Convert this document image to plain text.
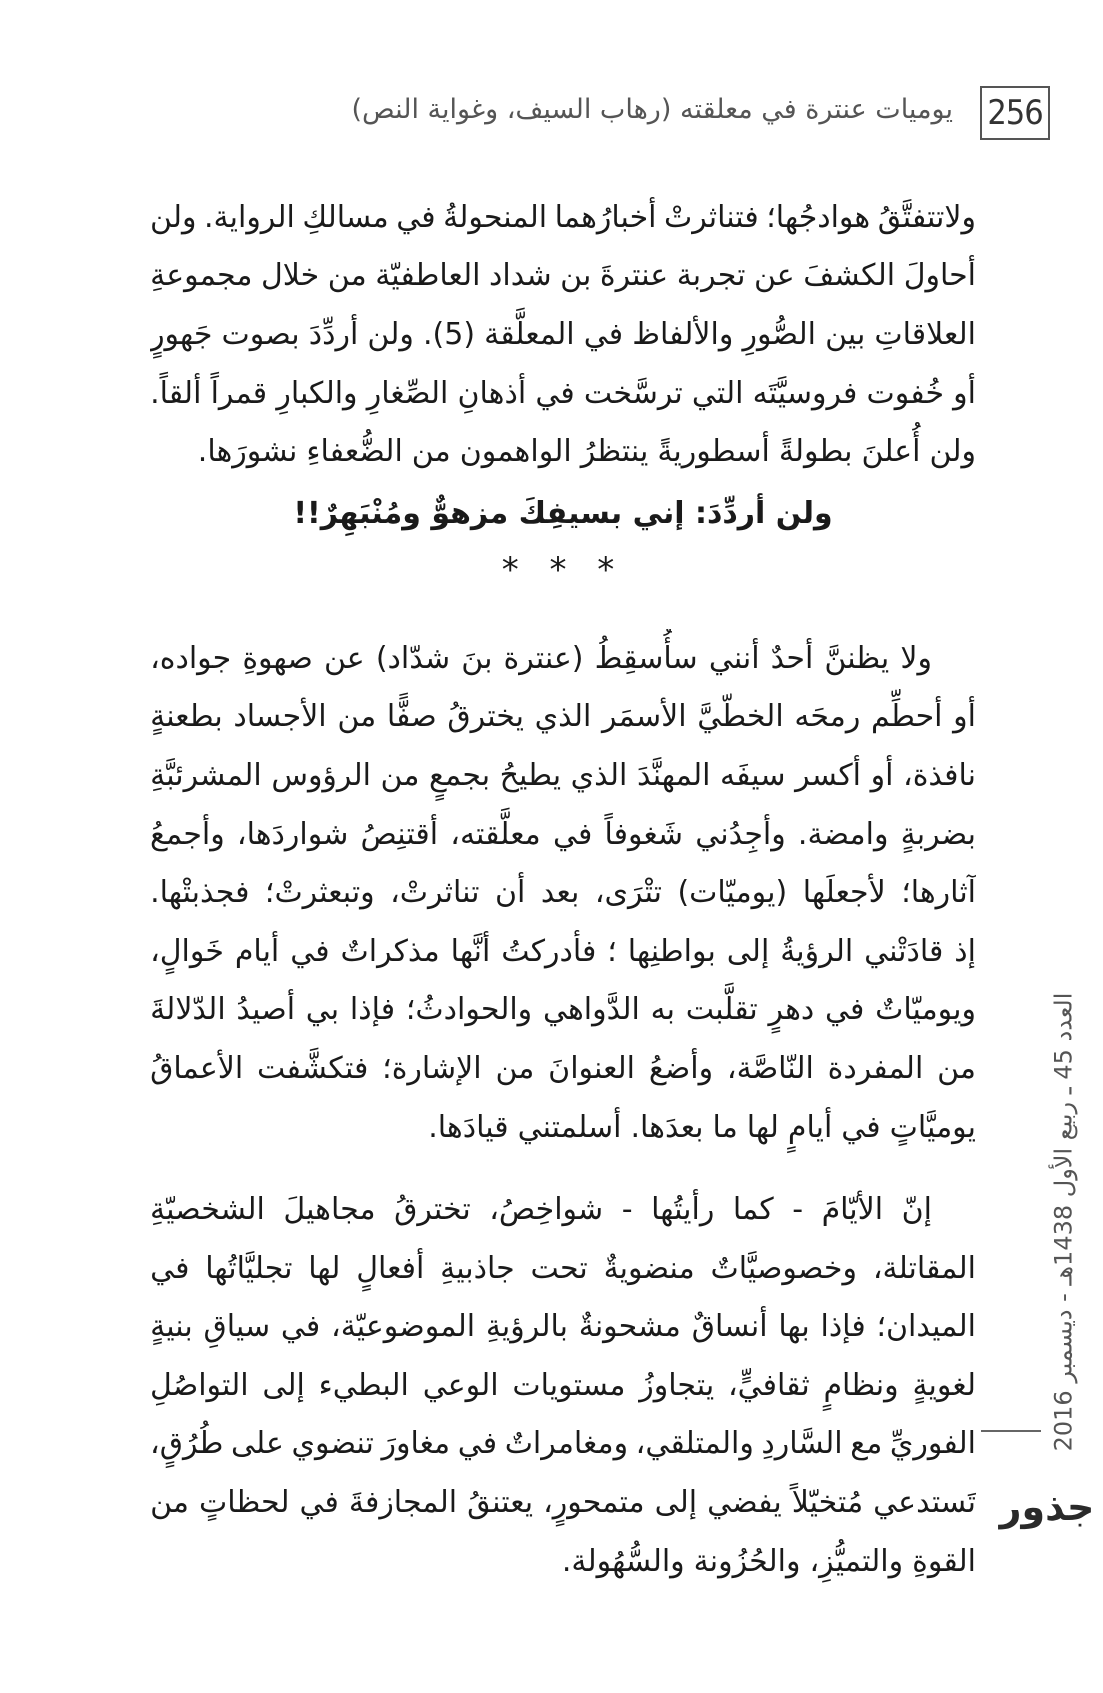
256
يوميات عنترة في معلقته (رهاب السيف، وغواية النص)
ولاتتفتَّقُ
هوادجُها؛
فتناثرتْ
أخبارُهما
المنحولةُ
في
مسالكِ
الرواية.
ولن
أحاولَ
الكشفَ
عن
تجربة
عنترةَ
بن
شداد
العاطفيّة
من
خلال
مجموعةِ
العلاقاتِ
بين
الصُّورِ
والألفاظ
في
المعلَّقة
(5).
ولن
أردِّدَ
بصوت
جَهورٍ
أو
خُفوت
فروسيَّتَه
التي
ترسَّخت
في
أذهانِ
الصِّغارِ
والكبارِ
قمراً
ألقاً.
ولن
أُعلنَ
بطولةً
أسطوريةً
ينتظرُ
الواهمون
من
الضُّعفاءِ
نشورَها.
ولن أردِّدَ: إني بسيفِكَ مزهوٌّ ومُنْبَهِرٌ!!
* * *
ولا
يظننَّ
أحدٌ
أنني
سأُسقِطُ
(عنترة
بنَ
شدّاد)
عن
صهوةِ
جواده،
أو
أحطِّم
رمحَه
الخطّيَّ
الأسمَر
الذي
يخترقُ
صفًّا
من
الأجساد
بطعنةٍ
نافذة،
أو
أكسر
سيفَه
المهنَّدَ
الذي
يطيحُ
بجمعٍ
من
الرؤوس
المشرئبَّةِ
بضربةٍ
وامضة.
وأجِدُني
شَغوفاً
في
معلَّقته،
أقتنِصُ
شواردَها،
وأجمعُ
آثارها؛
لأجعلَها
(يوميّات)
تتْرَى،
بعد
أن
تناثرتْ،
وتبعثرتْ؛
فجذبتْها.
إذ
قادَتْني
الرؤيةُ
إلى
بواطنِها
؛
فأدركتُ
أنَّها
مذكراتٌ
في
أيام
خَوالٍ،
ويوميّاتٌ
في
دهرٍ
تقلَّبت
به
الدَّواهي
والحوادثُ؛
فإذا
بي
أصيدُ
الدّلالةَ
من
المفردة
النّاصَّة،
وأضعُ
العنوانَ
من
الإشارة؛
فتكشَّفت
الأعماقُ
يوميَّاتٍ
في
أيامٍ
لها
ما
بعدَها.
أسلمتني
قيادَها.
إنّ
الأيّامَ
-
كما
رأيتُها
-
شواخِصُ،
تخترقُ
مجاهيلَ
الشخصيّةِ
المقاتلة،
وخصوصيَّاتٌ
منضويةٌ
تحت
جاذبيةِ
أفعالٍ
لها
تجليَّاتُها
في
الميدان؛
فإذا
بها
أنساقٌ
مشحونةٌ
بالرؤيةِ
الموضوعيّة،
في
سياقِ
بنيةٍ
لغويةٍ
ونظامٍ
ثقافيٍّ،
يتجاوزُ
مستويات
الوعي
البطيء
إلى
التواصُلِ
الفوريِّ
مع
السَّاردِ
والمتلقي،
ومغامراتٌ
في
مغاورَ
تنضوي
على
طُرُقٍ،
تَستدعي
مُتخيّلاً
يفضي
إلى
متمحورٍ،
يعتنقُ
المجازفةَ
في
لحظاتٍ
من
القوةِ
والتميُّزِ،
والحُزُونة
والسُّهُولة.
العدد 45 ـ ربيع الأول 1438هـ - ديسمبر 2016
جذور
